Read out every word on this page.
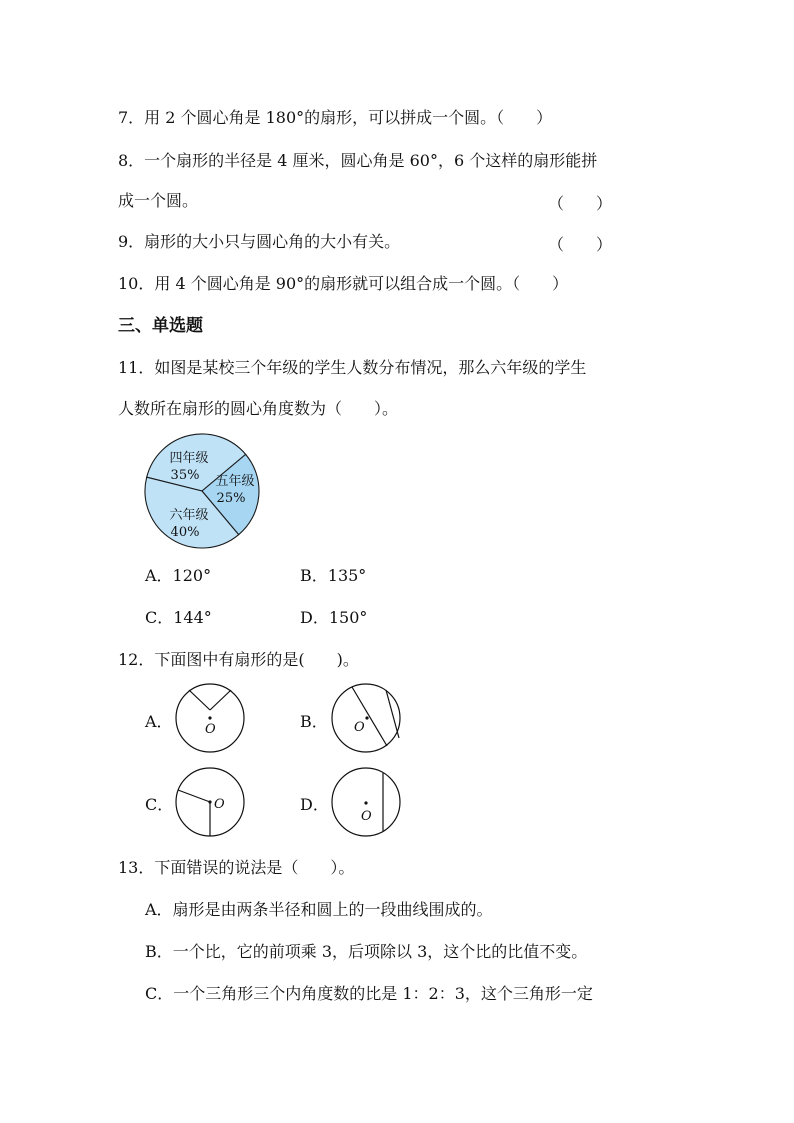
7．用 2 个圆心角是 180°的扇形，可以拼成一个圆。（　　）
8．一个扇形的半径是 4 厘米，圆心角是 60°，6 个这样的扇形能拼
成一个圆。	（　　）
9．扇形的大小只与圆心角的大小有关。	（　　）
10．用 4 个圆心角是 90°的扇形就可以组合成一个圆。（　　）
三、单选题
11．如图是某校三个年级的学生人数分布情况，那么六年级的学生
人数所在扇形的圆心角度数为（　　）。
四年级
35% 五年级
25%
六年级
40%
A．120°	B．135°
C．144°	D．150°
12．下面图中有扇形的是(　　)。
A．	B．
C．	D．
O	O
O
O
13．下面错误的说法是（　　）。
A．扇形是由两条半径和圆上的一段曲线围成的。
B．一个比，它的前项乘 3，后项除以 3，这个比的比值不变。
C．一个三角形三个内角度数的比是 1：2：3，这个三角形一定
